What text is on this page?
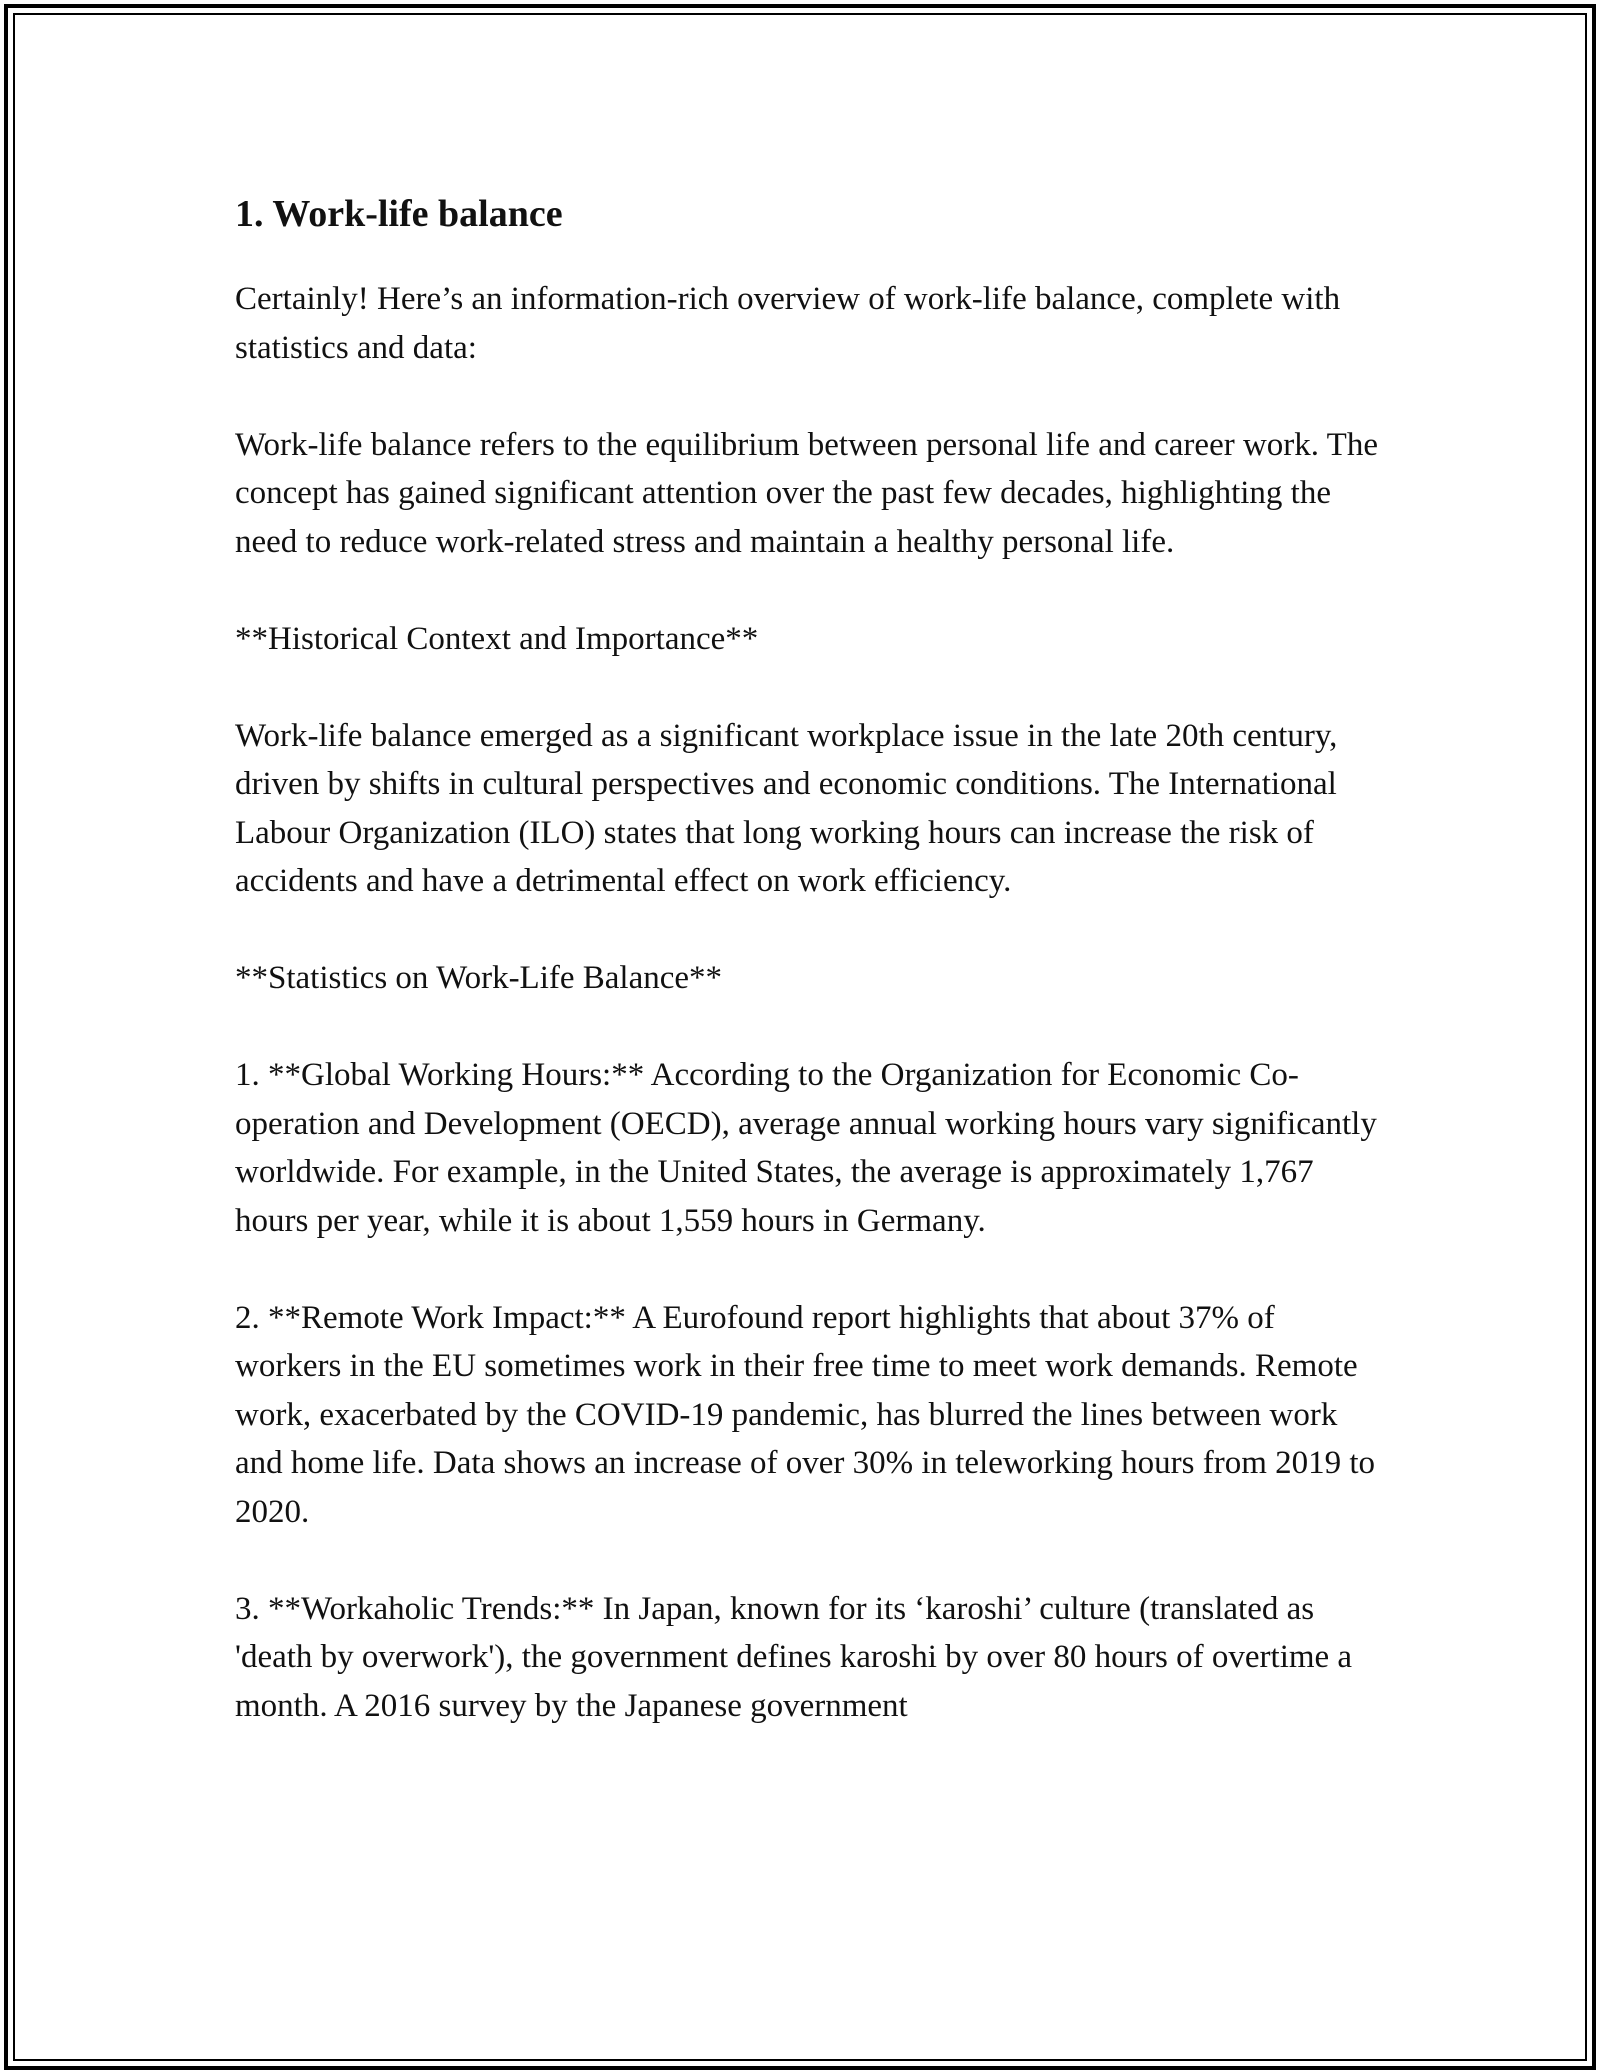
1. Work-life balance

Certainly! Here’s an information-rich overview of work-life balance, complete with statistics and data:

Work-life balance refers to the equilibrium between personal life and career work. The concept has gained significant attention over the past few decades, highlighting the need to reduce work-related stress and maintain a healthy personal life.

**Historical Context and Importance**

Work-life balance emerged as a significant workplace issue in the late 20th century, driven by shifts in cultural perspectives and economic conditions. The International Labour Organization (ILO) states that long working hours can increase the risk of accidents and have a detrimental effect on work efficiency.

**Statistics on Work-Life Balance**

1. **Global Working Hours:** According to the Organization for Economic Co-operation and Development (OECD), average annual working hours vary significantly worldwide. For example, in the United States, the average is approximately 1,767 hours per year, while it is about 1,559 hours in Germany.

2. **Remote Work Impact:** A Eurofound report highlights that about 37% of workers in the EU sometimes work in their free time to meet work demands. Remote work, exacerbated by the COVID-19 pandemic, has blurred the lines between work and home life. Data shows an increase of over 30% in teleworking hours from 2019 to 2020.

3. **Workaholic Trends:** In Japan, known for its ‘karoshi’ culture (translated as 'death by overwork'), the government defines karoshi by over 80 hours of overtime a month. A 2016 survey by the Japanese government
